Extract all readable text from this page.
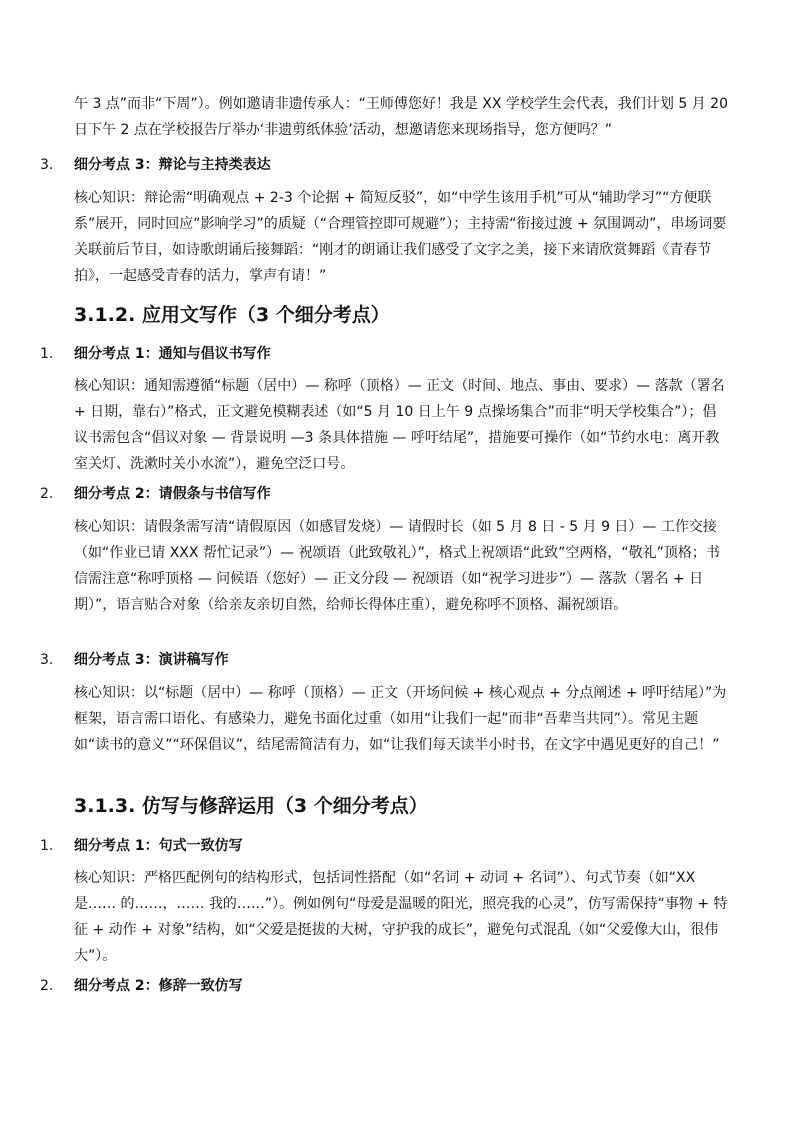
午 3 点”而非“下周”）。例如邀请非遗传承人：“王师傅您好！我是 XX 学校学生会代表，我们计划 5 月 20 日下午 2 点在学校报告厅举办‘非遗剪纸体验’活动，想邀请您来现场指导，您方便吗？”

3. 细分考点 3：辩论与主持类表达

核心知识：辩论需“明确观点 + 2-3 个论据 + 简短反驳”，如“中学生该用手机”可从“辅助学习”“方便联系”展开，同时回应“影响学习”的质疑（“合理管控即可规避”）；主持需“衔接过渡 + 氛围调动”，串场词要关联前后节目，如诗歌朗诵后接舞蹈：“刚才的朗诵让我们感受了文字之美，接下来请欣赏舞蹈《青春节拍》，一起感受青春的活力，掌声有请！”

3.1.2. 应用文写作（3 个细分考点）
1. 细分考点 1：通知与倡议书写作

核心知识：通知需遵循“标题（居中）— 称呼（顶格）— 正文（时间、地点、事由、要求）— 落款（署名 + 日期，靠右）”格式，正文避免模糊表述（如“5 月 10 日上午 9 点操场集合”而非“明天学校集合”）；倡议书需包含“倡议对象 — 背景说明 —3 条具体措施 — 呼吁结尾”，措施要可操作（如“节约水电：离开教室关灯、洗漱时关小水流”），避免空泛口号。

2. 细分考点 2：请假条与书信写作

核心知识：请假条需写清“请假原因（如感冒发烧）— 请假时长（如 5 月 8 日 - 5 月 9 日）— 工作交接（如“作业已请 XXX 帮忙记录”）— 祝颂语（此致敬礼）”，格式上祝颂语“此致”空两格，“敬礼”顶格；书信需注意“称呼顶格 — 问候语（您好）— 正文分段 — 祝颂语（如“祝学习进步”）— 落款（署名 + 日期）”，语言贴合对象（给亲友亲切自然，给师长得体庄重），避免称呼不顶格、漏祝颂语。

3. 细分考点 3：演讲稿写作

核心知识：以“标题（居中）— 称呼（顶格）— 正文（开场问候 + 核心观点 + 分点阐述 + 呼吁结尾）”为框架，语言需口语化、有感染力，避免书面化过重（如用“让我们一起”而非“吾辈当共同”）。常见主题如“读书的意义”“环保倡议”，结尾需简洁有力，如“让我们每天读半小时书，在文字中遇见更好的自己！”

3.1.3. 仿写与修辞运用（3 个细分考点）
1. 细分考点 1：句式一致仿写

核心知识：严格匹配例句的结构形式，包括词性搭配（如“名词 + 动词 + 名词”）、句式节奏（如“XX 是…… 的……，…… 我的……”）。例如例句“母爱是温暖的阳光，照亮我的心灵”，仿写需保持“事物 + 特征 + 动作 + 对象”结构，如“父爱是挺拔的大树，守护我的成长”，避免句式混乱（如“父爱像大山，很伟大”）。

2. 细分考点 2：修辞一致仿写
